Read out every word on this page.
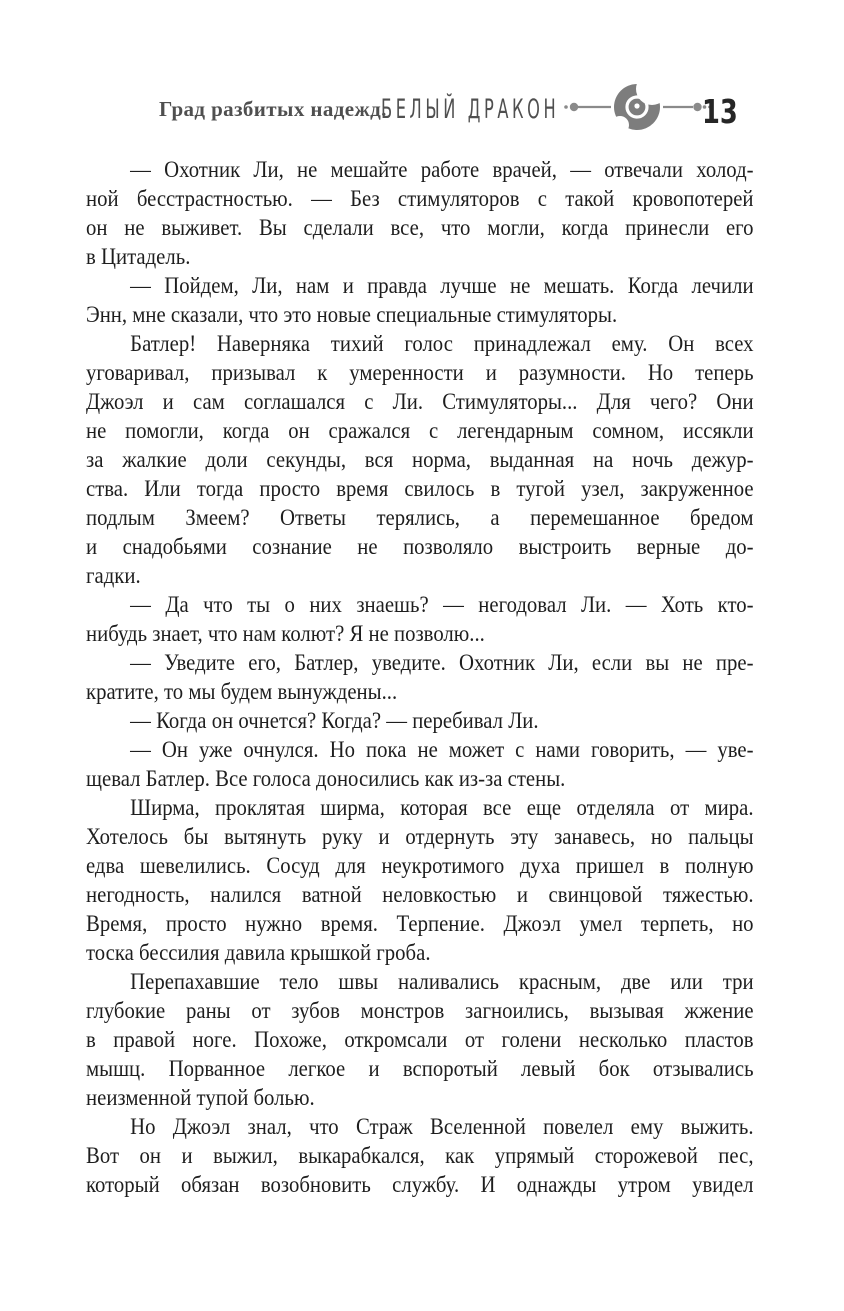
Град разбитых надежд.
БЕЛЫЙ ДРАКОН	13
— Охотник Ли, не мешайте работе врачей, — отвечали холод-
ной бесстрастностью. — Без стимуляторов с такой кровопотерей
он не выживет. Вы сделали все, что могли, когда принесли его
в Цитадель.
— Пойдем, Ли, нам и правда лучше не мешать. Когда лечили
Энн, мне сказали, что это новые специальные стимуляторы.
Батлер! Наверняка тихий голос принадлежал ему. Он всех
уговаривал, призывал к умеренности и разумности. Но теперь
Джоэл и сам соглашался с Ли. Стимуляторы... Для чего? Они
не помогли, когда он сражался с легендарным сомном, иссякли
за жалкие доли секунды, вся норма, выданная на ночь дежур-
ства. Или тогда просто время свилось в тугой узел, закруженное
подлым Змеем? Ответы терялись, а перемешанное бредом
и снадобьями сознание не позволяло выстроить верные до-
гадки.
— Да что ты о них знаешь? — негодовал Ли. — Хоть кто-
нибудь знает, что нам колют? Я не позволю...
— Уведите его, Батлер, уведите. Охотник Ли, если вы не пре-
кратите, то мы будем вынуждены...
— Когда он очнется? Когда? — перебивал Ли.
— Он уже очнулся. Но пока не может с нами говорить, — уве-
щевал Батлер. Все голоса доносились как из-за стены.
Ширма, проклятая ширма, которая все еще отделяла от мира.
Хотелось бы вытянуть руку и отдернуть эту занавесь, но пальцы
едва шевелились. Сосуд для неукротимого духа пришел в полную
негодность, налился ватной неловкостью и свинцовой тяжестью.
Время, просто нужно время. Терпение. Джоэл умел терпеть, но
тоска бессилия давила крышкой гроба.
Перепахавшие тело швы наливались красным, две или три
глубокие раны от зубов монстров загноились, вызывая жжение
в правой ноге. Похоже, откромсали от голени несколько пластов
мышц. Порванное легкое и вспоротый левый бок отзывались
неизменной тупой болью.
Но Джоэл знал, что Страж Вселенной повелел ему выжить.
Вот он и выжил, выкарабкался, как упрямый сторожевой пес,
который обязан возобновить службу. И однажды утром увидел
